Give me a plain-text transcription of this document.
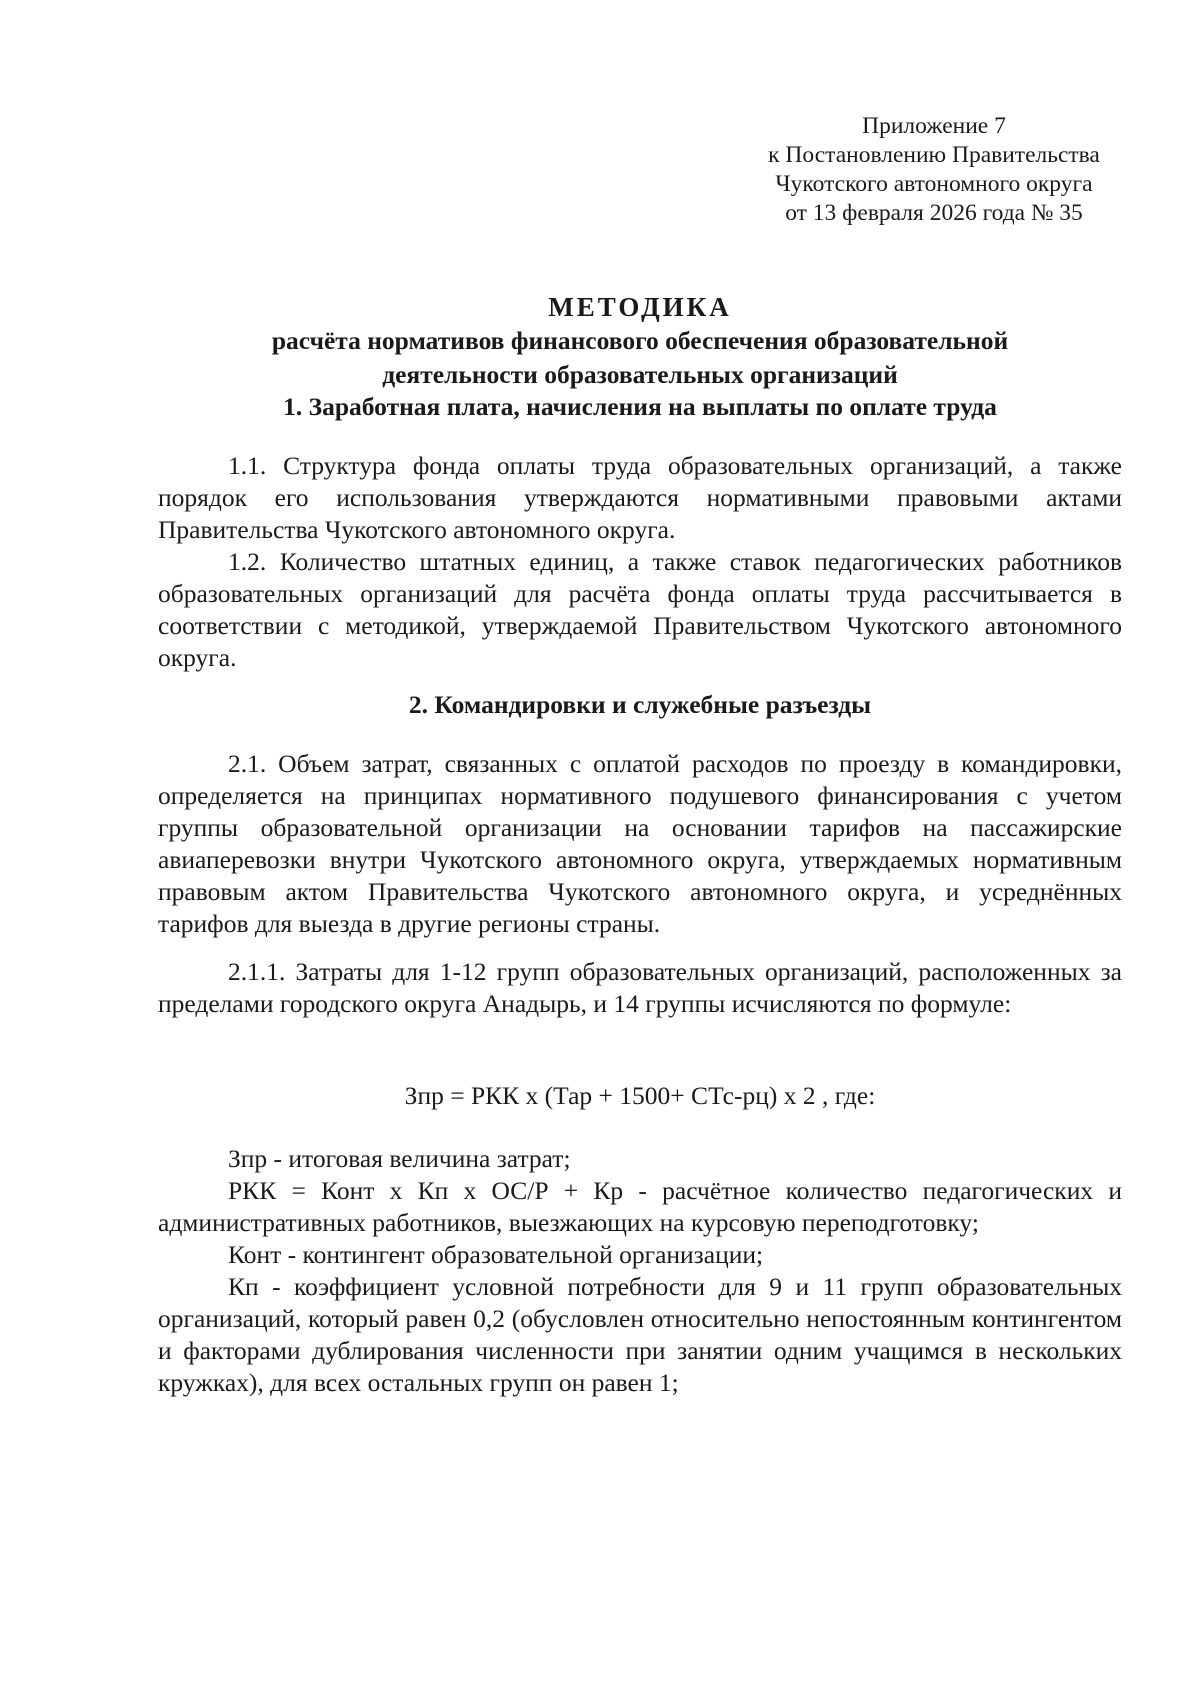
Приложение 7
к Постановлению Правительства
Чукотского автономного округа
от 13 февраля 2026 года № 35
МЕТОДИКА
расчёта нормативов финансового обеспечения образовательной
деятельности образовательных организаций
1. Заработная плата, начисления на выплаты по оплате труда
1.1. Структура фонда оплаты труда образовательных организаций, а также порядок его использования утверждаются нормативными правовыми актами Правительства Чукотского автономного округа.
1.2. Количество штатных единиц, а также ставок педагогических работников образовательных организаций для расчёта фонда оплаты труда рассчитывается в соответствии с методикой, утверждаемой Правительством Чукотского автономного округа.
2. Командировки и служебные разъезды
2.1. Объем затрат, связанных с оплатой расходов по проезду в командировки, определяется на принципах нормативного подушевого финансирования с учетом группы образовательной организации на основании тарифов на пассажирские авиаперевозки внутри Чукотского автономного округа, утверждаемых нормативным правовым актом Правительства Чукотского автономного округа, и усреднённых тарифов для выезда в другие регионы страны.
2.1.1. Затраты для 1-12 групп образовательных организаций, расположенных за пределами городского округа Анадырь, и 14 группы исчисляются по формуле:
Зпр = РКК х (Тар + 1500+ СТс-рц) х 2 , где:
Зпр - итоговая величина затрат;
РКК = Конт х Кп х ОС/Р + Кр - расчётное количество педагогических и административных работников, выезжающих на курсовую переподготовку;
Конт - контингент образовательной организации;
Кп - коэффициент условной потребности для 9 и 11 групп образовательных организаций, который равен 0,2 (обусловлен относительно непостоянным контингентом и факторами дублирования численности при занятии одним учащимся в нескольких кружках), для всех остальных групп он равен 1;
